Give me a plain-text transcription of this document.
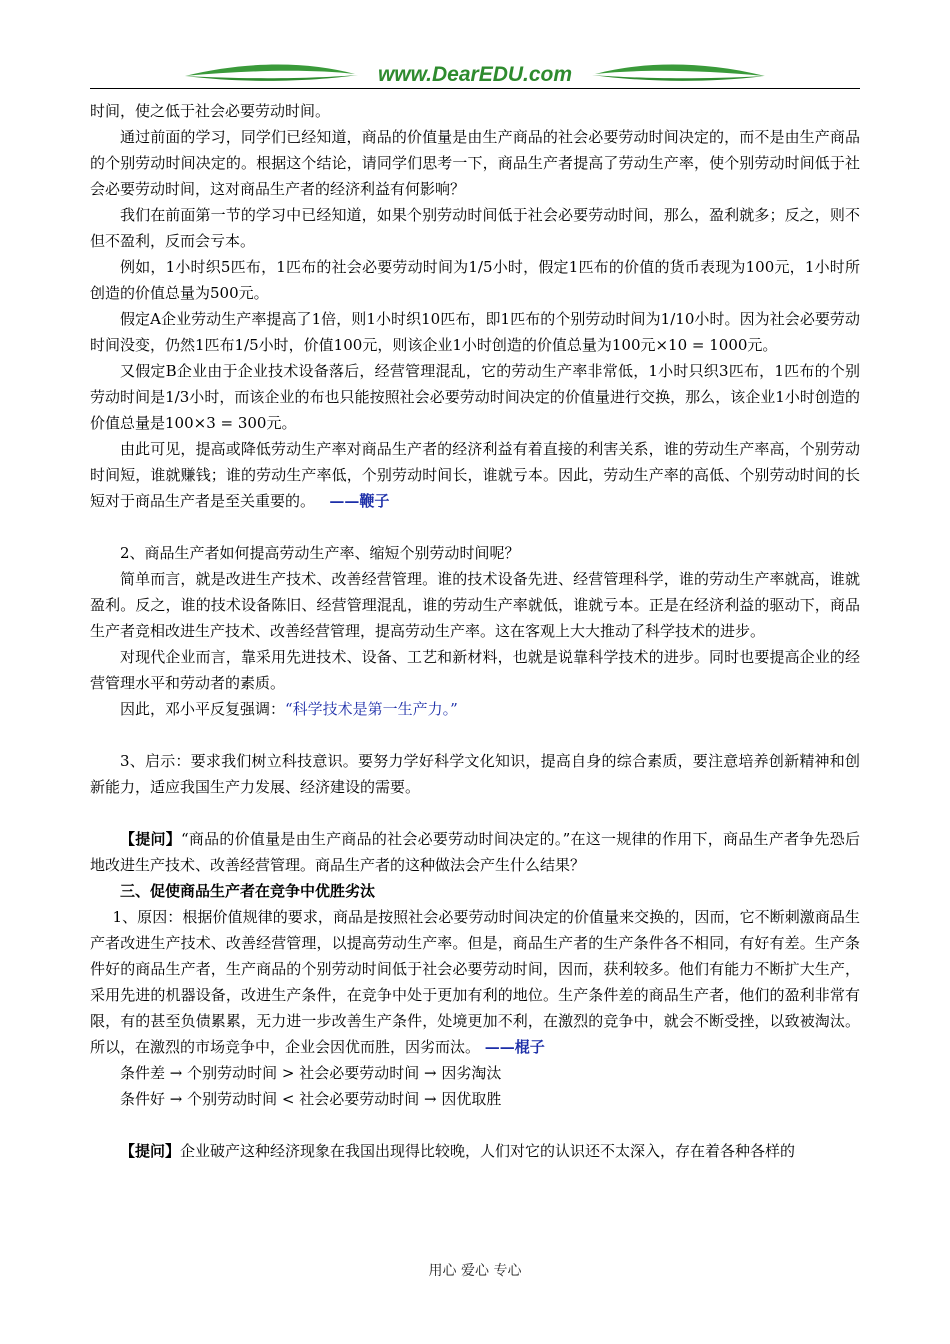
www.DearEDU.com

时间，使之低于社会必要劳动时间。

通过前面的学习，同学们已经知道，商品的价值量是由生产商品的社会必要劳动时间决定的，而不是由生产商品的个别劳动时间决定的。根据这个结论，请同学们思考一下，商品生产者提高了劳动生产率，使个别劳动时间低于社会必要劳动时间，这对商品生产者的经济利益有何影响？

我们在前面第一节的学习中已经知道，如果个别劳动时间低于社会必要劳动时间，那么，盈利就多；反之，则不但不盈利，反而会亏本。

例如，1小时织5匹布，1匹布的社会必要劳动时间为1/5小时，假定1匹布的价值的货币表现为100元，1小时所创造的价值总量为500元。

假定A企业劳动生产率提高了1倍，则1小时织10匹布，即1匹布的个别劳动时间为1/10小时。因为社会必要劳动时间没变，仍然1匹布1/5小时，价值100元，则该企业1小时创造的价值总量为100元×10 = 1000元。

又假定B企业由于企业技术设备落后，经营管理混乱，它的劳动生产率非常低，1小时只织3匹布，1匹布的个别劳动时间是1/3小时，而该企业的布也只能按照社会必要劳动时间决定的价值量进行交换，那么，该企业1小时创造的价值总量是100×3 = 300元。

由此可见，提高或降低劳动生产率对商品生产者的经济利益有着直接的利害关系，谁的劳动生产率高，个别劳动时间短，谁就赚钱；谁的劳动生产率低，个别劳动时间长，谁就亏本。因此，劳动生产率的高低、个别劳动时间的长短对于商品生产者是至关重要的。 ——鞭子

2、商品生产者如何提高劳动生产率、缩短个别劳动时间呢？

简单而言，就是改进生产技术、改善经营管理。谁的技术设备先进、经营管理科学，谁的劳动生产率就高，谁就盈利。反之，谁的技术设备陈旧、经营管理混乱，谁的劳动生产率就低，谁就亏本。正是在经济利益的驱动下，商品生产者竞相改进生产技术、改善经营管理，提高劳动生产率。这在客观上大大推动了科学技术的进步。

对现代企业而言，靠采用先进技术、设备、工艺和新材料，也就是说靠科学技术的进步。同时也要提高企业的经营管理水平和劳动者的素质。

因此，邓小平反复强调：“科学技术是第一生产力。”

3、启示：要求我们树立科技意识。要努力学好科学文化知识，提高自身的综合素质，要注意培养创新精神和创新能力，适应我国生产力发展、经济建设的需要。

【提问】“商品的价值量是由生产商品的社会必要劳动时间决定的。”在这一规律的作用下，商品生产者争先恐后地改进生产技术、改善经营管理。商品生产者的这种做法会产生什么结果？

三、促使商品生产者在竞争中优胜劣汰

1、原因：根据价值规律的要求，商品是按照社会必要劳动时间决定的价值量来交换的，因而，它不断刺激商品生产者改进生产技术、改善经营管理，以提高劳动生产率。但是，商品生产者的生产条件各不相同，有好有差。生产条件好的商品生产者，生产商品的个别劳动时间低于社会必要劳动时间，因而，获利较多。他们有能力不断扩大生产，采用先进的机器设备，改进生产条件，在竞争中处于更加有利的地位。生产条件差的商品生产者，他们的盈利非常有限，有的甚至负债累累，无力进一步改善生产条件，处境更加不利，在激烈的竞争中，就会不断受挫，以致被淘汰。所以，在激烈的市场竞争中，企业会因优而胜，因劣而汰。 ——棍子

条件差 → 个别劳动时间 > 社会必要劳动时间 → 因劣淘汰

条件好 → 个别劳动时间 < 社会必要劳动时间 → 因优取胜

【提问】企业破产这种经济现象在我国出现得比较晚，人们对它的认识还不太深入，存在着各种各样的

用心 爱心 专心
